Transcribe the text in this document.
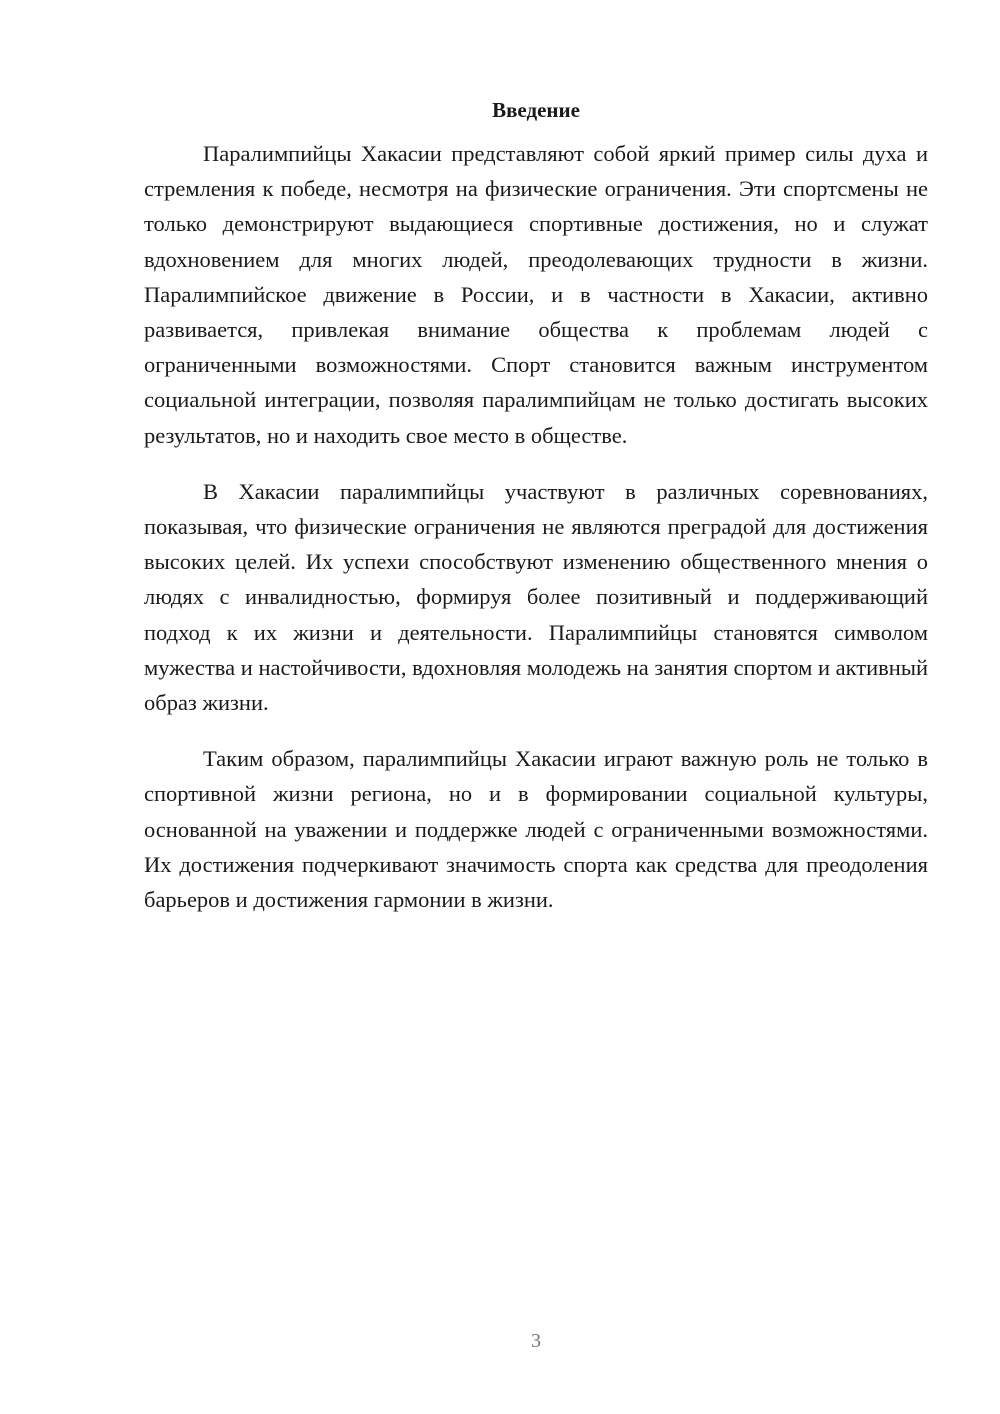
Введение

Паралимпийцы Хакасии представляют собой яркий пример силы духа и стремления к победе, несмотря на физические ограничения. Эти спортсмены не только демонстрируют выдающиеся спортивные достижения, но и служат вдохновением для многих людей, преодолевающих трудности в жизни. Паралимпийское движение в России, и в частности в Хакасии, активно развивается, привлекая внимание общества к проблемам людей с ограниченными возможностями. Спорт становится важным инструментом социальной интеграции, позволяя паралимпийцам не только достигать высоких результатов, но и находить свое место в обществе.

В Хакасии паралимпийцы участвуют в различных соревнованиях, показывая, что физические ограничения не являются преградой для достижения высоких целей. Их успехи способствуют изменению общественного мнения о людях с инвалидностью, формируя более позитивный и поддерживающий подход к их жизни и деятельности. Паралимпийцы становятся символом мужества и настойчивости, вдохновляя молодежь на занятия спортом и активный образ жизни.

Таким образом, паралимпийцы Хакасии играют важную роль не только в спортивной жизни региона, но и в формировании социальной культуры, основанной на уважении и поддержке людей с ограниченными возможностями. Их достижения подчеркивают значимость спорта как средства для преодоления барьеров и достижения гармонии в жизни.

3
